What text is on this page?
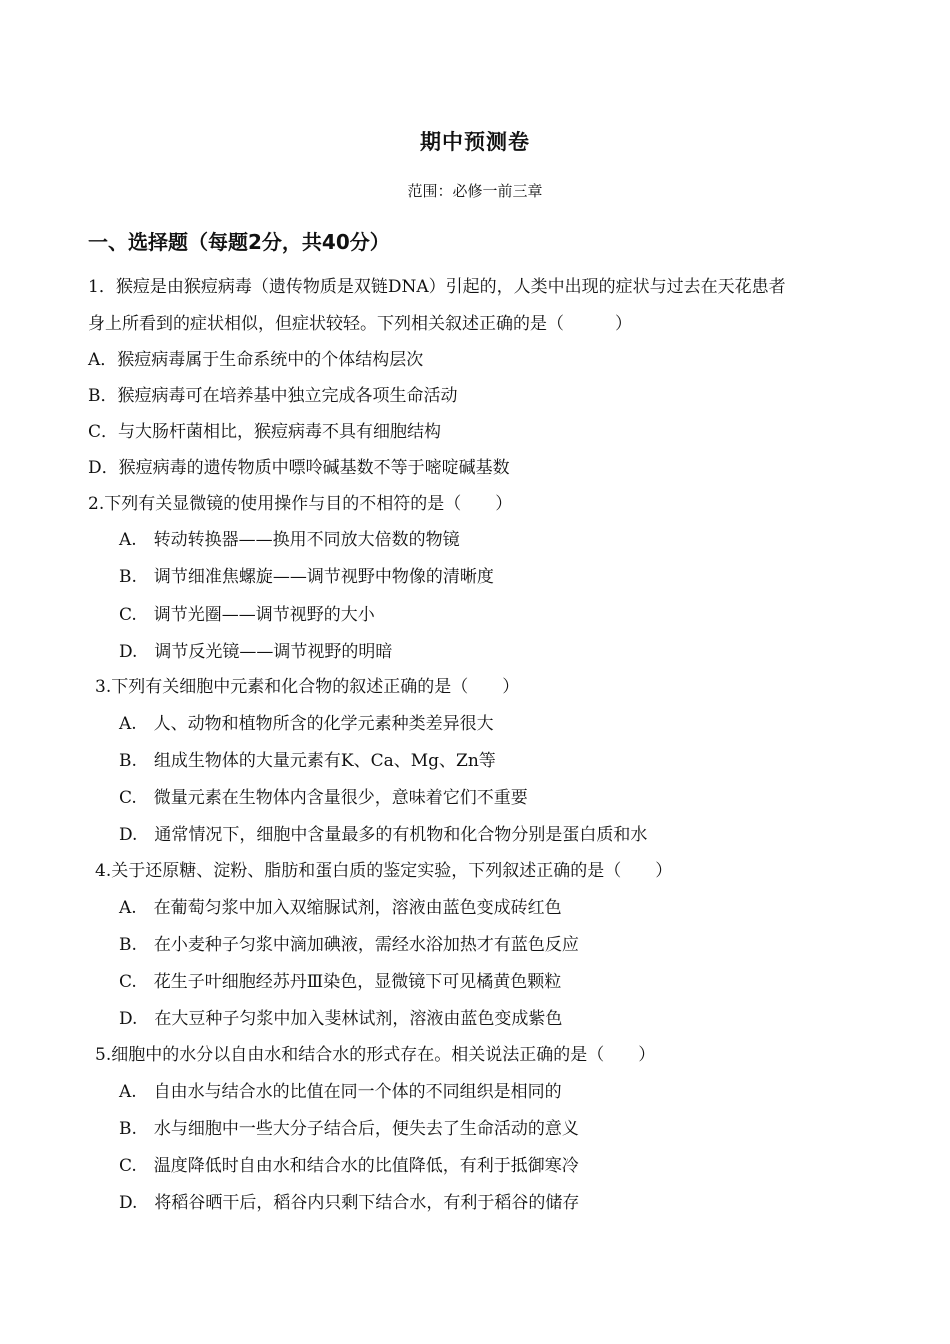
期中预测卷
范围：必修一前三章
一、选择题（每题2分，共40分）
1．猴痘是由猴痘病毒（遗传物质是双链DNA）引起的，人类中出现的症状与过去在天花患者
身上所看到的症状相似，但症状较轻。下列相关叙述正确的是（　　　）
A．猴痘病毒属于生命系统中的个体结构层次
B．猴痘病毒可在培养基中独立完成各项生命活动
C．与大肠杆菌相比，猴痘病毒不具有细胞结构
D．猴痘病毒的遗传物质中嘌呤碱基数不等于嘧啶碱基数
2.下列有关显微镜的使用操作与目的不相符的是（　　）
A.　转动转换器——换用不同放大倍数的物镜
B.　调节细准焦螺旋——调节视野中物像的清晰度
C.　调节光圈——调节视野的大小
D.　调节反光镜——调节视野的明暗
3.下列有关细胞中元素和化合物的叙述正确的是（　　）
A.　人、动物和植物所含的化学元素种类差异很大
B.　组成生物体的大量元素有K、Ca、Mg、Zn等
C.　微量元素在生物体内含量很少，意味着它们不重要
D.　通常情况下，细胞中含量最多的有机物和化合物分别是蛋白质和水
4.关于还原糖、淀粉、脂肪和蛋白质的鉴定实验，下列叙述正确的是（　　）
A.　在葡萄匀浆中加入双缩脲试剂，溶液由蓝色变成砖红色
B.　在小麦种子匀浆中滴加碘液，需经水浴加热才有蓝色反应
C.　花生子叶细胞经苏丹Ⅲ染色，显微镜下可见橘黄色颗粒
D.　在大豆种子匀浆中加入斐林试剂，溶液由蓝色变成紫色
5.细胞中的水分以自由水和结合水的形式存在。相关说法正确的是（　　）
A.　自由水与结合水的比值在同一个体的不同组织是相同的
B.　水与细胞中一些大分子结合后，便失去了生命活动的意义
C.　温度降低时自由水和结合水的比值降低，有利于抵御寒冷
D.　将稻谷晒干后，稻谷内只剩下结合水，有利于稻谷的储存
